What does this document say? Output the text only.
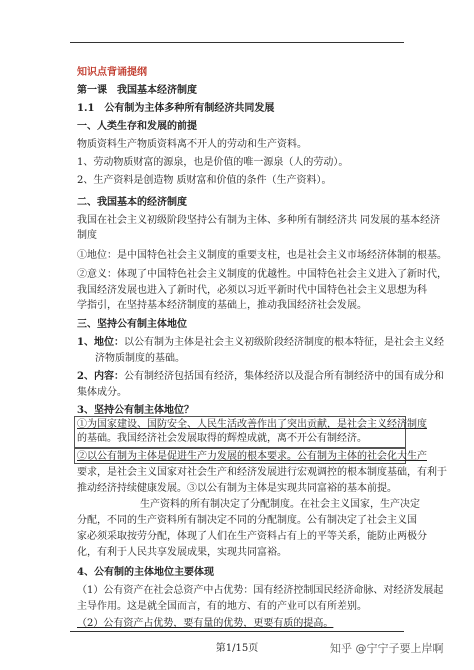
知识点背诵提纲
第一课　我国基本经济制度
1.1　公有制为主体多种所有制经济共同发展
一、人类生存和发展的前提
物质资料生产物质资料离不开人的劳动和生产资料。
1、劳动物质财富的源泉，也是价值的唯一源泉（人的劳动）。
2、生产资料是创造物 质财富和价值的条件（生产资料）。
二、我国基本的经济制度
我国在社会主义初级阶段坚持公有制为主体、多种所有制经济共 同发展的基本经济
制度
①地位：是中国特色社会主义制度的重要支柱，也是社会主义市场经济体制的根基。
②意义：体现了中国特色社会主义制度的优越性。中国特色社会主义进入了新时代，
我国经济发展也进入了新时代，必须以习近平新时代中国特色社会主义思想为科
学指引，在坚持基本经济制度的基础上，推动我国经济社会发展。
三、坚持公有制主体地位
1、地位：以公有制为主体是社会主义初级阶段经济制度的根本特征，是社会主义经
济物质制度的基础。
2、内容：公有制经济包括国有经济，集体经济以及混合所有制经济中的国有成分和
集体成分。
3、坚持公有制主体地位？
①为国家建设、国防安全、人民生活改善作出了突出贡献，是社会主义经济制度
的基础。我国经济社会发展取得的辉煌成就，离不开公有制经济。
②以公有制为主体是促进生产力发展的根本要求。公有制为主体的社会化大生产
要求，是社会主义国家对社会生产和经济发展进行宏观调控的根本制度基础，有利于
推动经济持续健康发展。③以公有制为主体是实现共同富裕的基本前提。
生产资料的所有制决定了分配制度。在社会主义国家，生产决定
分配，不同的生产资料所有制决定不同的分配制度。公有制决定了社会主义国
家必须采取按劳分配，体现了人们在生产资料占有上的平等关系，能防止两极分
化，有利于人民共享发展成果，实现共同富裕。
4、公有制的主体地位主要体现
（1）公有资产在社会总资产中占优势：国有经济控制国民经济命脉、对经济发展起
主导作用。这是就全国而言，有的地方、有的产业可以有所差别。
（2）公有资产占优势，要有量的优势，更要有质的提高。
第1/15页	知乎 @宁宁子要上岸啊
